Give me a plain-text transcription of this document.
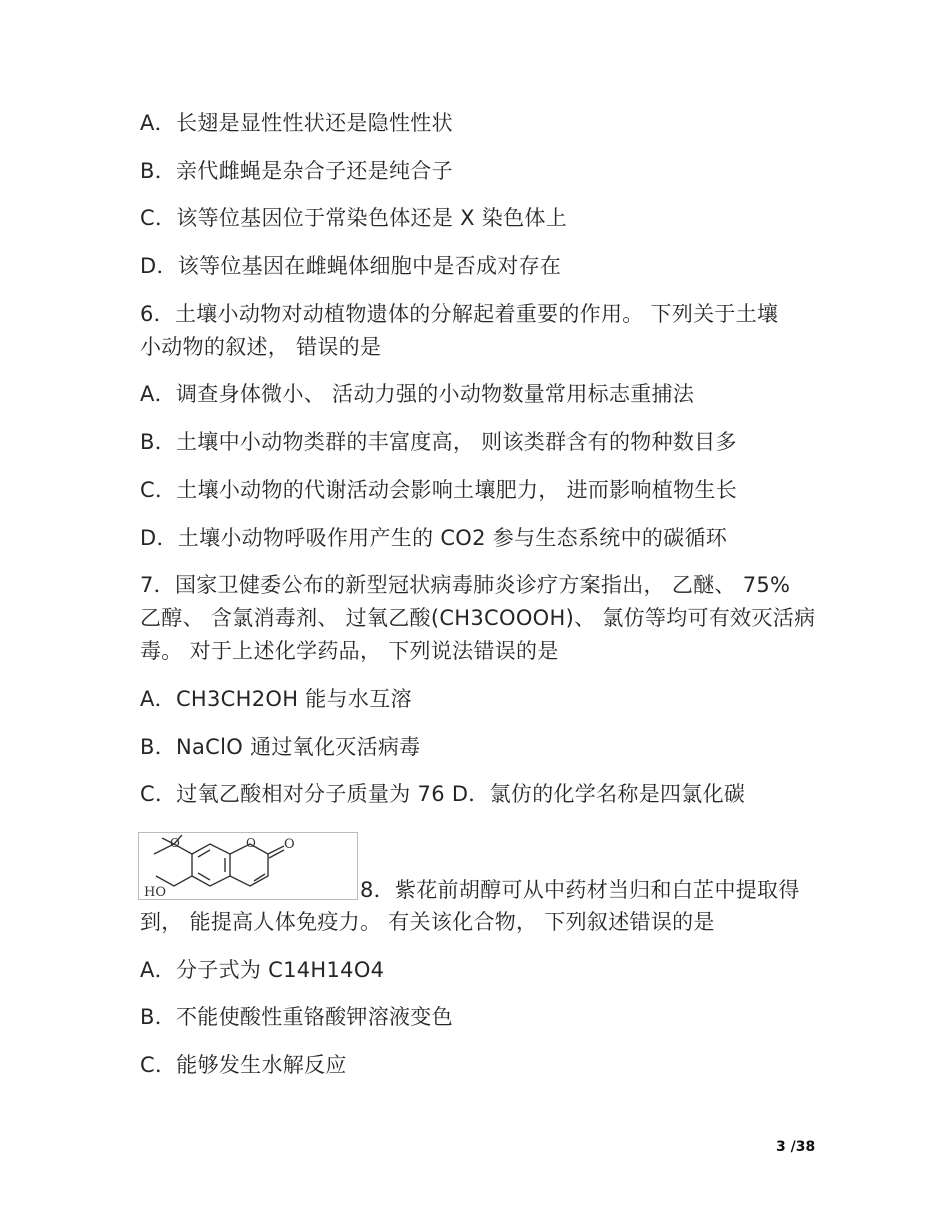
A．长翅是显性性状还是隐性性状
B．亲代雌蝇是杂合子还是纯合子
C．该等位基因位于常染色体还是 X 染色体上
D．该等位基因在雌蝇体细胞中是否成对存在
6．土壤小动物对动植物遗体的分解起着重要的作用。 下列关于土壤
小动物的叙述， 错误的是
A．调查身体微小、 活动力强的小动物数量常用标志重捕法
B．土壤中小动物类群的丰富度高， 则该类群含有的物种数目多
C．土壤小动物的代谢活动会影响土壤肥力， 进而影响植物生长
D．土壤小动物呼吸作用产生的 CO2 参与生态系统中的碳循环
7．国家卫健委公布的新型冠状病毒肺炎诊疗方案指出， 乙醚、 75%
乙醇、 含氯消毒剂、 过氧乙酸(CH3COOOH)、 氯仿等均可有效灭活病
毒。 对于上述化学药品， 下列说法错误的是
A．CH3CH2OH 能与水互溶
B．NaClO 通过氧化灭活病毒
C．过氧乙酸相对分子质量为 76 D．氯仿的化学名称是四氯化碳
HO
O	O O
8．紫花前胡醇可从中药材当归和白芷中提取得
到， 能提高人体免疫力。 有关该化合物， 下列叙述错误的是
A．分子式为 C14H14O4
B．不能使酸性重铬酸钾溶液变色
C．能够发生水解反应
3 /38
